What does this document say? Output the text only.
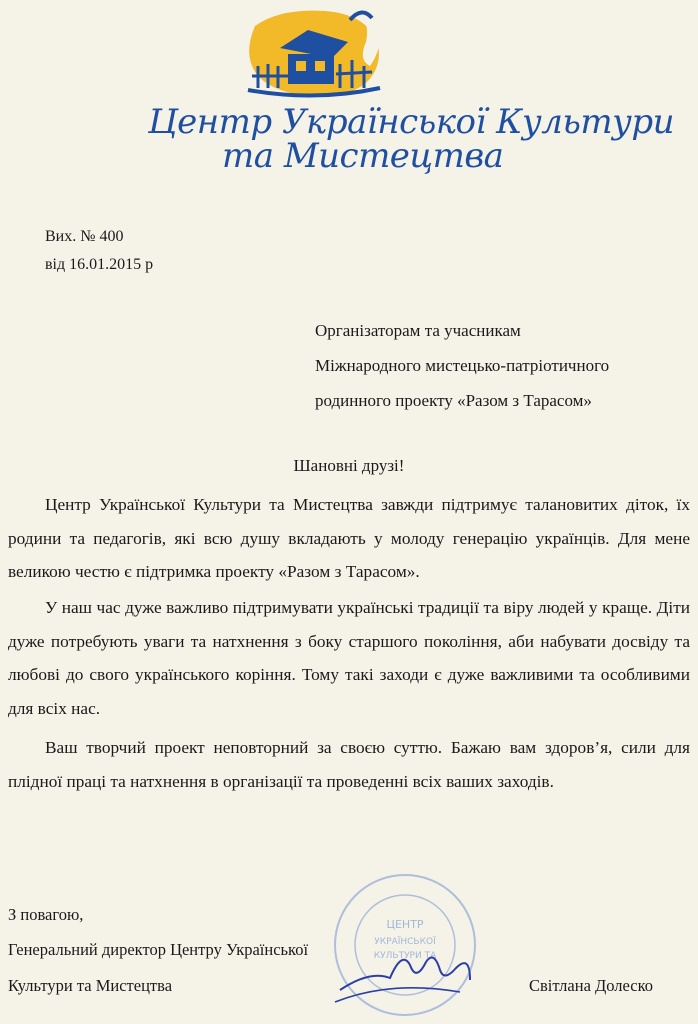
Центр Української Культури
та Мистецтва
Вих. № 400
від 16.01.2015 р
Організаторам та учасникам
Міжнародного мистецько-патріотичного
родинного проекту «Разом з Тарасом»
Шановні друзі!
Центр Української Культури та Мистецтва завжди підтримує талановитих діток, їх родини та педагогів, які всю душу вкладають у молоду генерацію українців. Для мене великою честю є підтримка проекту «Разом з Тарасом».
У наш час дуже важливо підтримувати українські традиції та віру людей у краще. Діти дуже потребують уваги та натхнення з боку старшого покоління, аби набувати досвіду та любові до свого українського коріння. Тому такі заходи є дуже важливими та особливими для всіх нас.
Ваш творчий проект неповторний за своєю суттю. Бажаю вам здоров’я, сили для плідної праці та натхнення в організації та проведенні всіх ваших заходів.
ЦЕНТР
УКРАЇНСЬКОЇ
КУЛЬТУРИ ТА
З повагою,
Генеральний директор Центру Української
Культури та Мистецтва	Світлана Долеско
